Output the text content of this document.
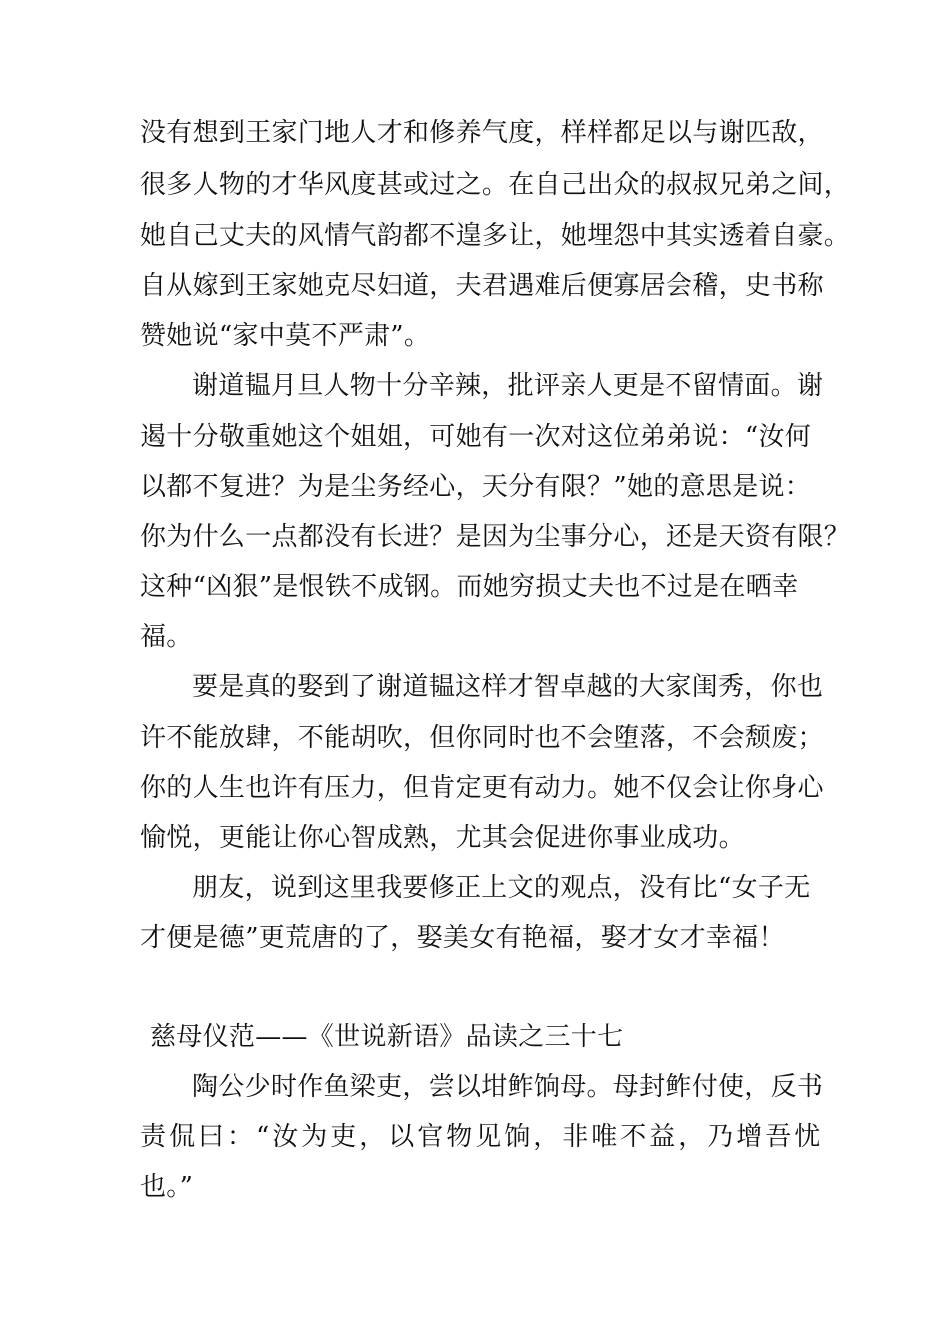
没有想到王家门地人才和修养气度，样样都足以与谢匹敌，
很多人物的才华风度甚或过之。在自己出众的叔叔兄弟之间，
她自己丈夫的风情气韵都不遑多让，她埋怨中其实透着自豪。
自从嫁到王家她克尽妇道，夫君遇难后便寡居会稽，史书称
赞她说“家中莫不严肃”。
谢道韫月旦人物十分辛辣，批评亲人更是不留情面。谢
遏十分敬重她这个姐姐，可她有一次对这位弟弟说：“汝何
以都不复进？为是尘务经心，天分有限？”她的意思是说：
你为什么一点都没有长进？是因为尘事分心，还是天资有限？
这种“凶狠”是恨铁不成钢。而她穷损丈夫也不过是在晒幸
福。
要是真的娶到了谢道韫这样才智卓越的大家闺秀，你也
许不能放肆，不能胡吹，但你同时也不会堕落，不会颓废；
你的人生也许有压力，但肯定更有动力。她不仅会让你身心
愉悦，更能让你心智成熟，尤其会促进你事业成功。
朋友，说到这里我要修正上文的观点，没有比“女子无
才便是德”更荒唐的了，娶美女有艳福，娶才女才幸福！
慈母仪范——《世说新语》品读之三十七
陶公少时作鱼梁吏，尝以坩鲊饷母。母封鲊付使，反书
责侃曰：“汝为吏，以官物见饷，非唯不益，乃增吾忧
也。”
